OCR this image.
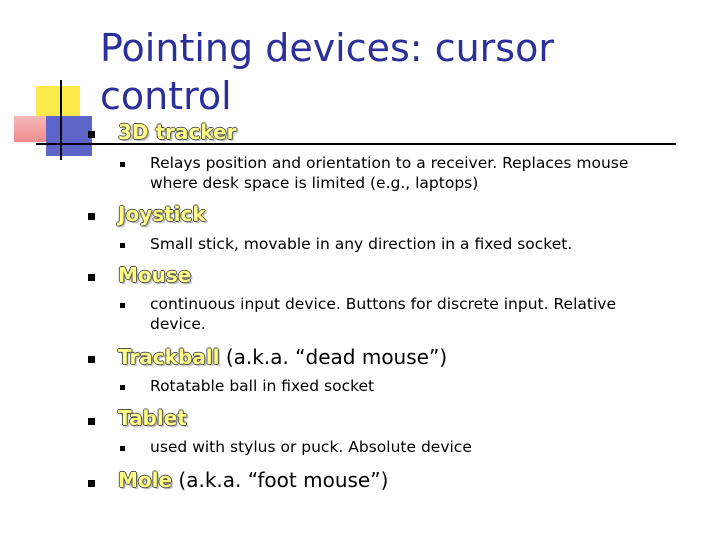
Pointing devices: cursor control
3D tracker
Relays position and orientation to a receiver. Replaces mouse where desk space is limited (e.g., laptops)
Joystick
Small stick, movable in any direction in a fixed socket.
Mouse
continuous input device. Buttons for discrete input. Relative device.
Trackball (a.k.a. “dead mouse”)
Rotatable ball in fixed socket
Tablet
used with stylus or puck. Absolute device
Mole (a.k.a. “foot mouse”)
